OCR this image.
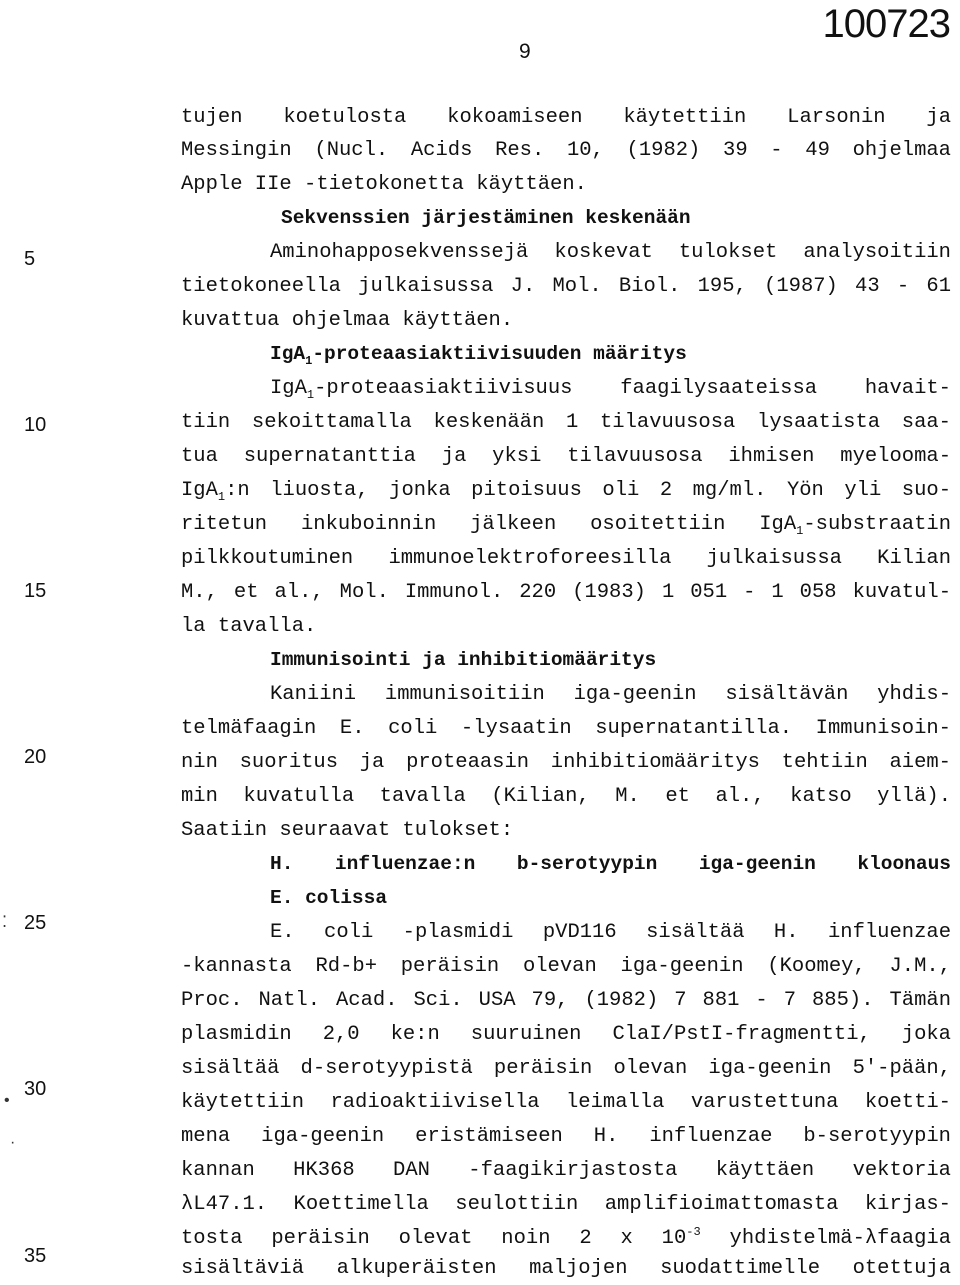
100723
9
5
10
15
20
25
30
35
⁚
•
·
tujen koetulosta kokoamiseen käytettiin Larsonin ja
Messingin (Nucl. Acids Res. 10, (1982) 39 - 49 ohjelmaa
Apple IIe -tietokonetta käyttäen.
Sekvenssien järjestäminen keskenään
Aminohapposekvenssejä koskevat tulokset analysoitiin
tietokoneella julkaisussa J. Mol. Biol. 195, (1987) 43 - 61
kuvattua ohjelmaa käyttäen.
IgA$_1$-proteaasiaktiivisuuden määritys
IgA$_1$-proteaasiaktiivisuus faagilysaateissa havait-
tiin sekoittamalla keskenään 1 tilavuusosa lysaatista saa-
tua supernatanttia ja yksi tilavuusosa ihmisen myelooma-
IgA$_1$:n liuosta, jonka pitoisuus oli 2 mg/ml. Yön yli suo-
ritetun inkuboinnin jälkeen osoitettiin IgA$_1$-substraatin
pilkkoutuminen immunoelektroforeesilla julkaisussa Kilian
M., et al., Mol. Immunol. 220 (1983) 1 051 - 1 058 kuvatul-
la tavalla.
Immunisointi ja inhibitiomääritys
Kaniini immunisoitiin iga-geenin sisältävän yhdis-
telmäfaagin E. coli -lysaatin supernatantilla. Immunisoin-
nin suoritus ja proteaasin inhibitiomääritys tehtiin aiem-
min kuvatulla tavalla (Kilian, M. et al., katso yllä).
Saatiin seuraavat tulokset:
H. influenzae:n b-serotyypin iga-geenin kloonaus
E. colissa
E. coli -plasmidi pVD116 sisältää H. influenzae
-kannasta Rd-b+ peräisin olevan iga-geenin (Koomey, J.M.,
Proc. Natl. Acad. Sci. USA 79, (1982) 7 881 - 7 885). Tämän
plasmidin 2,0 ke:n suuruinen ClaI/PstI-fragmentti, joka
sisältää d-serotyypistä peräisin olevan iga-geenin 5'-pään,
käytettiin radioaktiivisella leimalla varustettuna koetti-
mena iga-geenin eristämiseen H. influenzae b-serotyypin
kannan HK368 DAN -faagikirjastosta käyttäen vektoria
λL47.1. Koettimella seulottiin amplifioimattomasta kirjas-
tosta peräisin olevat noin 2 x $10^{-3}$ yhdistelmä-λfaagia
sisältäviä alkuperäisten maljojen suodattimelle otettuja
